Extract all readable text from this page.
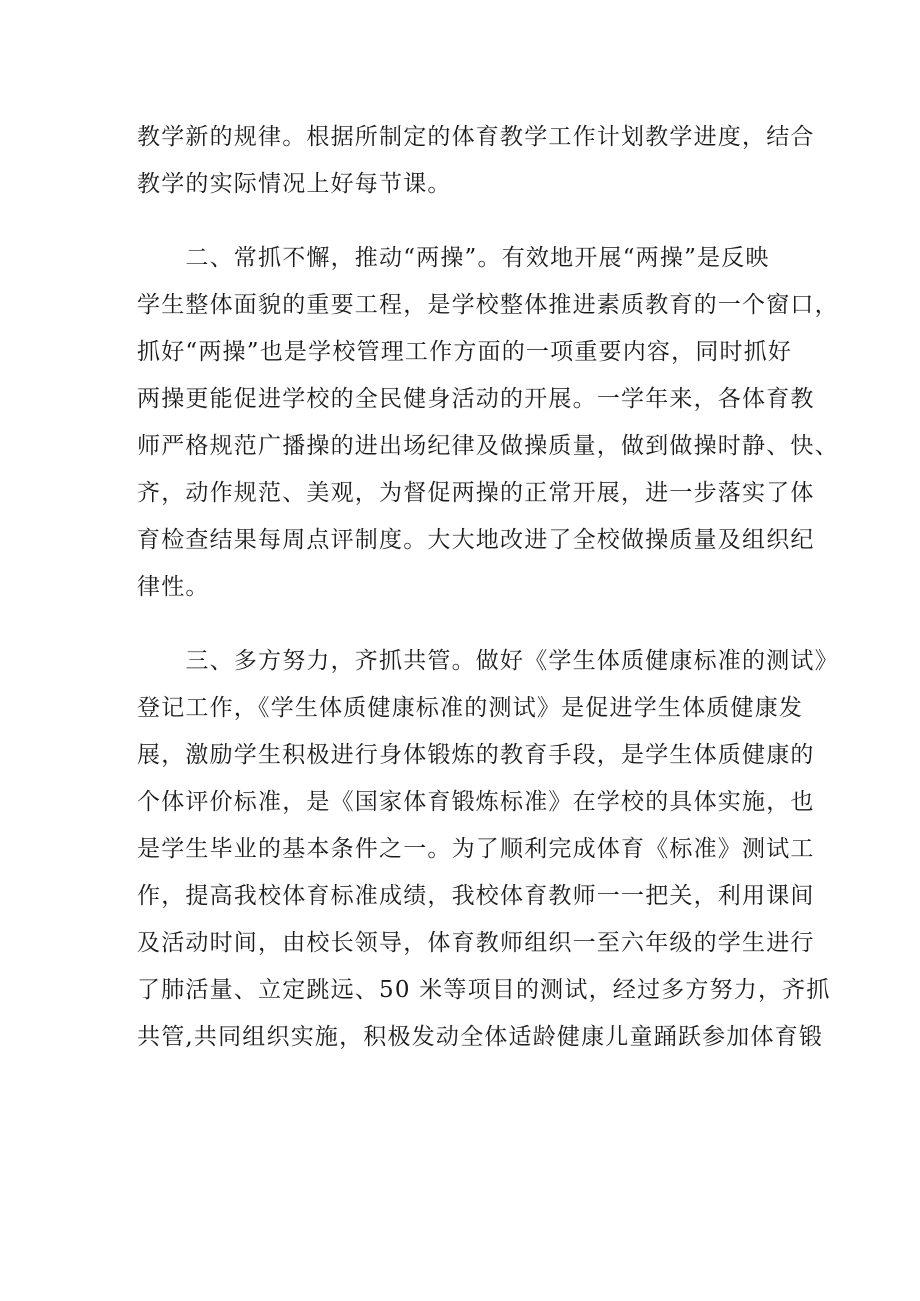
教学新的规律。根据所制定的体育教学工作计划教学进度，结合
教学的实际情况上好每节课。
　　二、常抓不懈，推动“两操”。有效地开展“两操”是反映
学生整体面貌的重要工程，是学校整体推进素质教育的一个窗口，
抓好“两操”也是学校管理工作方面的一项重要内容，同时抓好
两操更能促进学校的全民健身活动的开展。一学年来，各体育教
师严格规范广播操的进出场纪律及做操质量，做到做操时静、快、
齐，动作规范、美观，为督促两操的正常开展，进一步落实了体
育检查结果每周点评制度。大大地改进了全校做操质量及组织纪
律性。
　　三、多方努力，齐抓共管。做好《学生体质健康标准的测试》
登记工作，《学生体质健康标准的测试》是促进学生体质健康发
展，激励学生积极进行身体锻炼的教育手段，是学生体质健康的
个体评价标准，是《国家体育锻炼标准》在学校的具体实施，也
是学生毕业的基本条件之一。为了顺利完成体育《标准》测试工
作，提高我校体育标准成绩，我校体育教师一一把关，利用课间
及活动时间，由校长领导，体育教师组织一至六年级的学生进行
了肺活量、立定跳远、50 米等项目的测试，经过多方努力，齐抓
共管,共同组织实施，积极发动全体适龄健康儿童踊跃参加体育锻
